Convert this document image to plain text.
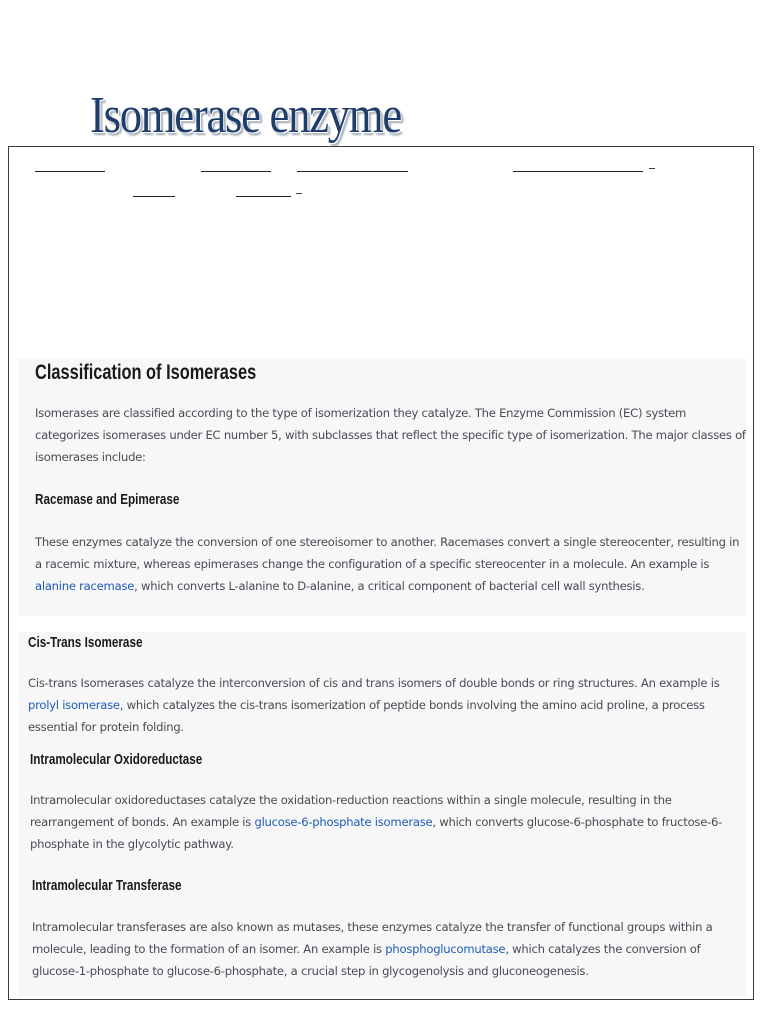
Isomerase enzyme
_
_
Classification of Isomerases

Isomerases are classified according to the type of isomerization they catalyze. The Enzyme Commission (EC) system categorizes isomerases under EC number 5, with subclasses that reflect the specific type of isomerization. The major classes of isomerases include:

Racemase and Epimerase

These enzymes catalyze the conversion of one stereoisomer to another. Racemases convert a single stereocenter, resulting in a racemic mixture, whereas epimerases change the configuration of a specific stereocenter in a molecule. An example is alanine racemase, which converts L-alanine to D-alanine, a critical component of bacterial cell wall synthesis.

Cis-Trans Isomerase

Cis-trans Isomerases catalyze the interconversion of cis and trans isomers of double bonds or ring structures. An example is prolyl isomerase, which catalyzes the cis-trans isomerization of peptide bonds involving the amino acid proline, a process essential for protein folding.

Intramolecular Oxidoreductase

Intramolecular oxidoreductases catalyze the oxidation-reduction reactions within a single molecule, resulting in the rearrangement of bonds. An example is glucose-6-phosphate isomerase, which converts glucose-6-phosphate to fructose-6-phosphate in the glycolytic pathway.

Intramolecular Transferase

Intramolecular transferases are also known as mutases, these enzymes catalyze the transfer of functional groups within a molecule, leading to the formation of an isomer. An example is phosphoglucomutase, which catalyzes the conversion of glucose-1-phosphate to glucose-6-phosphate, a crucial step in glycogenolysis and gluconeogenesis.
